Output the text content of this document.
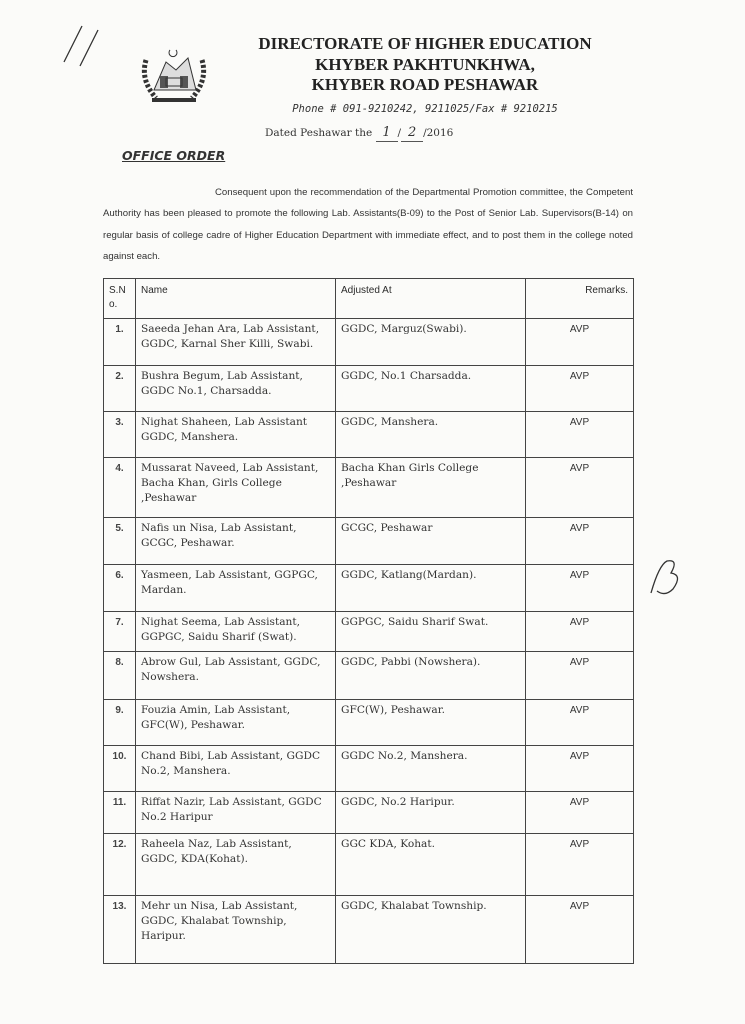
DIRECTORATE OF HIGHER EDUCATION
KHYBER PAKHTUNKHWA,
KHYBER ROAD PESHAWAR
Phone # 091-9210242, 9211025/Fax # 9210215
Dated Peshawar the 1 / 2 /2016
OFFICE ORDER
Consequent upon the recommendation of the Departmental Promotion committee, the Competent Authority has been pleased to promote the following Lab. Assistants(B-09) to the Post of Senior Lab. Supervisors(B-14) on regular basis of college cadre of Higher Education Department with immediate effect, and to post them in the college noted against each.
S.No.	Name	Adjusted At	Remarks.
1.	Saeeda Jehan Ara, Lab Assistant, GGDC, Karnal Sher Killi, Swabi.	GGDC, Marguz(Swabi).	AVP
2.	Bushra Begum, Lab Assistant, GGDC No.1, Charsadda.	GGDC, No.1 Charsadda.	AVP
3.	Nighat Shaheen, Lab Assistant GGDC, Manshera.	GGDC, Manshera.	AVP
4.	Mussarat Naveed, Lab Assistant, Bacha Khan, Girls College ,Peshawar	Bacha Khan Girls College ,Peshawar	AVP
5.	Nafis un Nisa, Lab Assistant, GCGC, Peshawar.	GCGC, Peshawar	AVP
6.	Yasmeen, Lab Assistant, GGPGC, Mardan.	GGDC, Katlang(Mardan).	AVP
7.	Nighat Seema, Lab Assistant, GGPGC, Saidu Sharif (Swat).	GGPGC, Saidu Sharif Swat.	AVP
8.	Abrow Gul, Lab Assistant, GGDC, Nowshera.	GGDC, Pabbi (Nowshera).	AVP
9.	Fouzia Amin, Lab Assistant, GFC(W), Peshawar.	GFC(W), Peshawar.	AVP
10.	Chand Bibi, Lab Assistant, GGDC No.2, Manshera.	GGDC No.2, Manshera.	AVP
11.	Riffat Nazir, Lab Assistant, GGDC No.2 Haripur	GGDC, No.2 Haripur.	AVP
12.	Raheela Naz, Lab Assistant, GGDC, KDA(Kohat).	GGC KDA, Kohat.	AVP
13.	Mehr un Nisa, Lab Assistant, GGDC, Khalabat Township, Haripur.	GGDC, Khalabat Township.	AVP
